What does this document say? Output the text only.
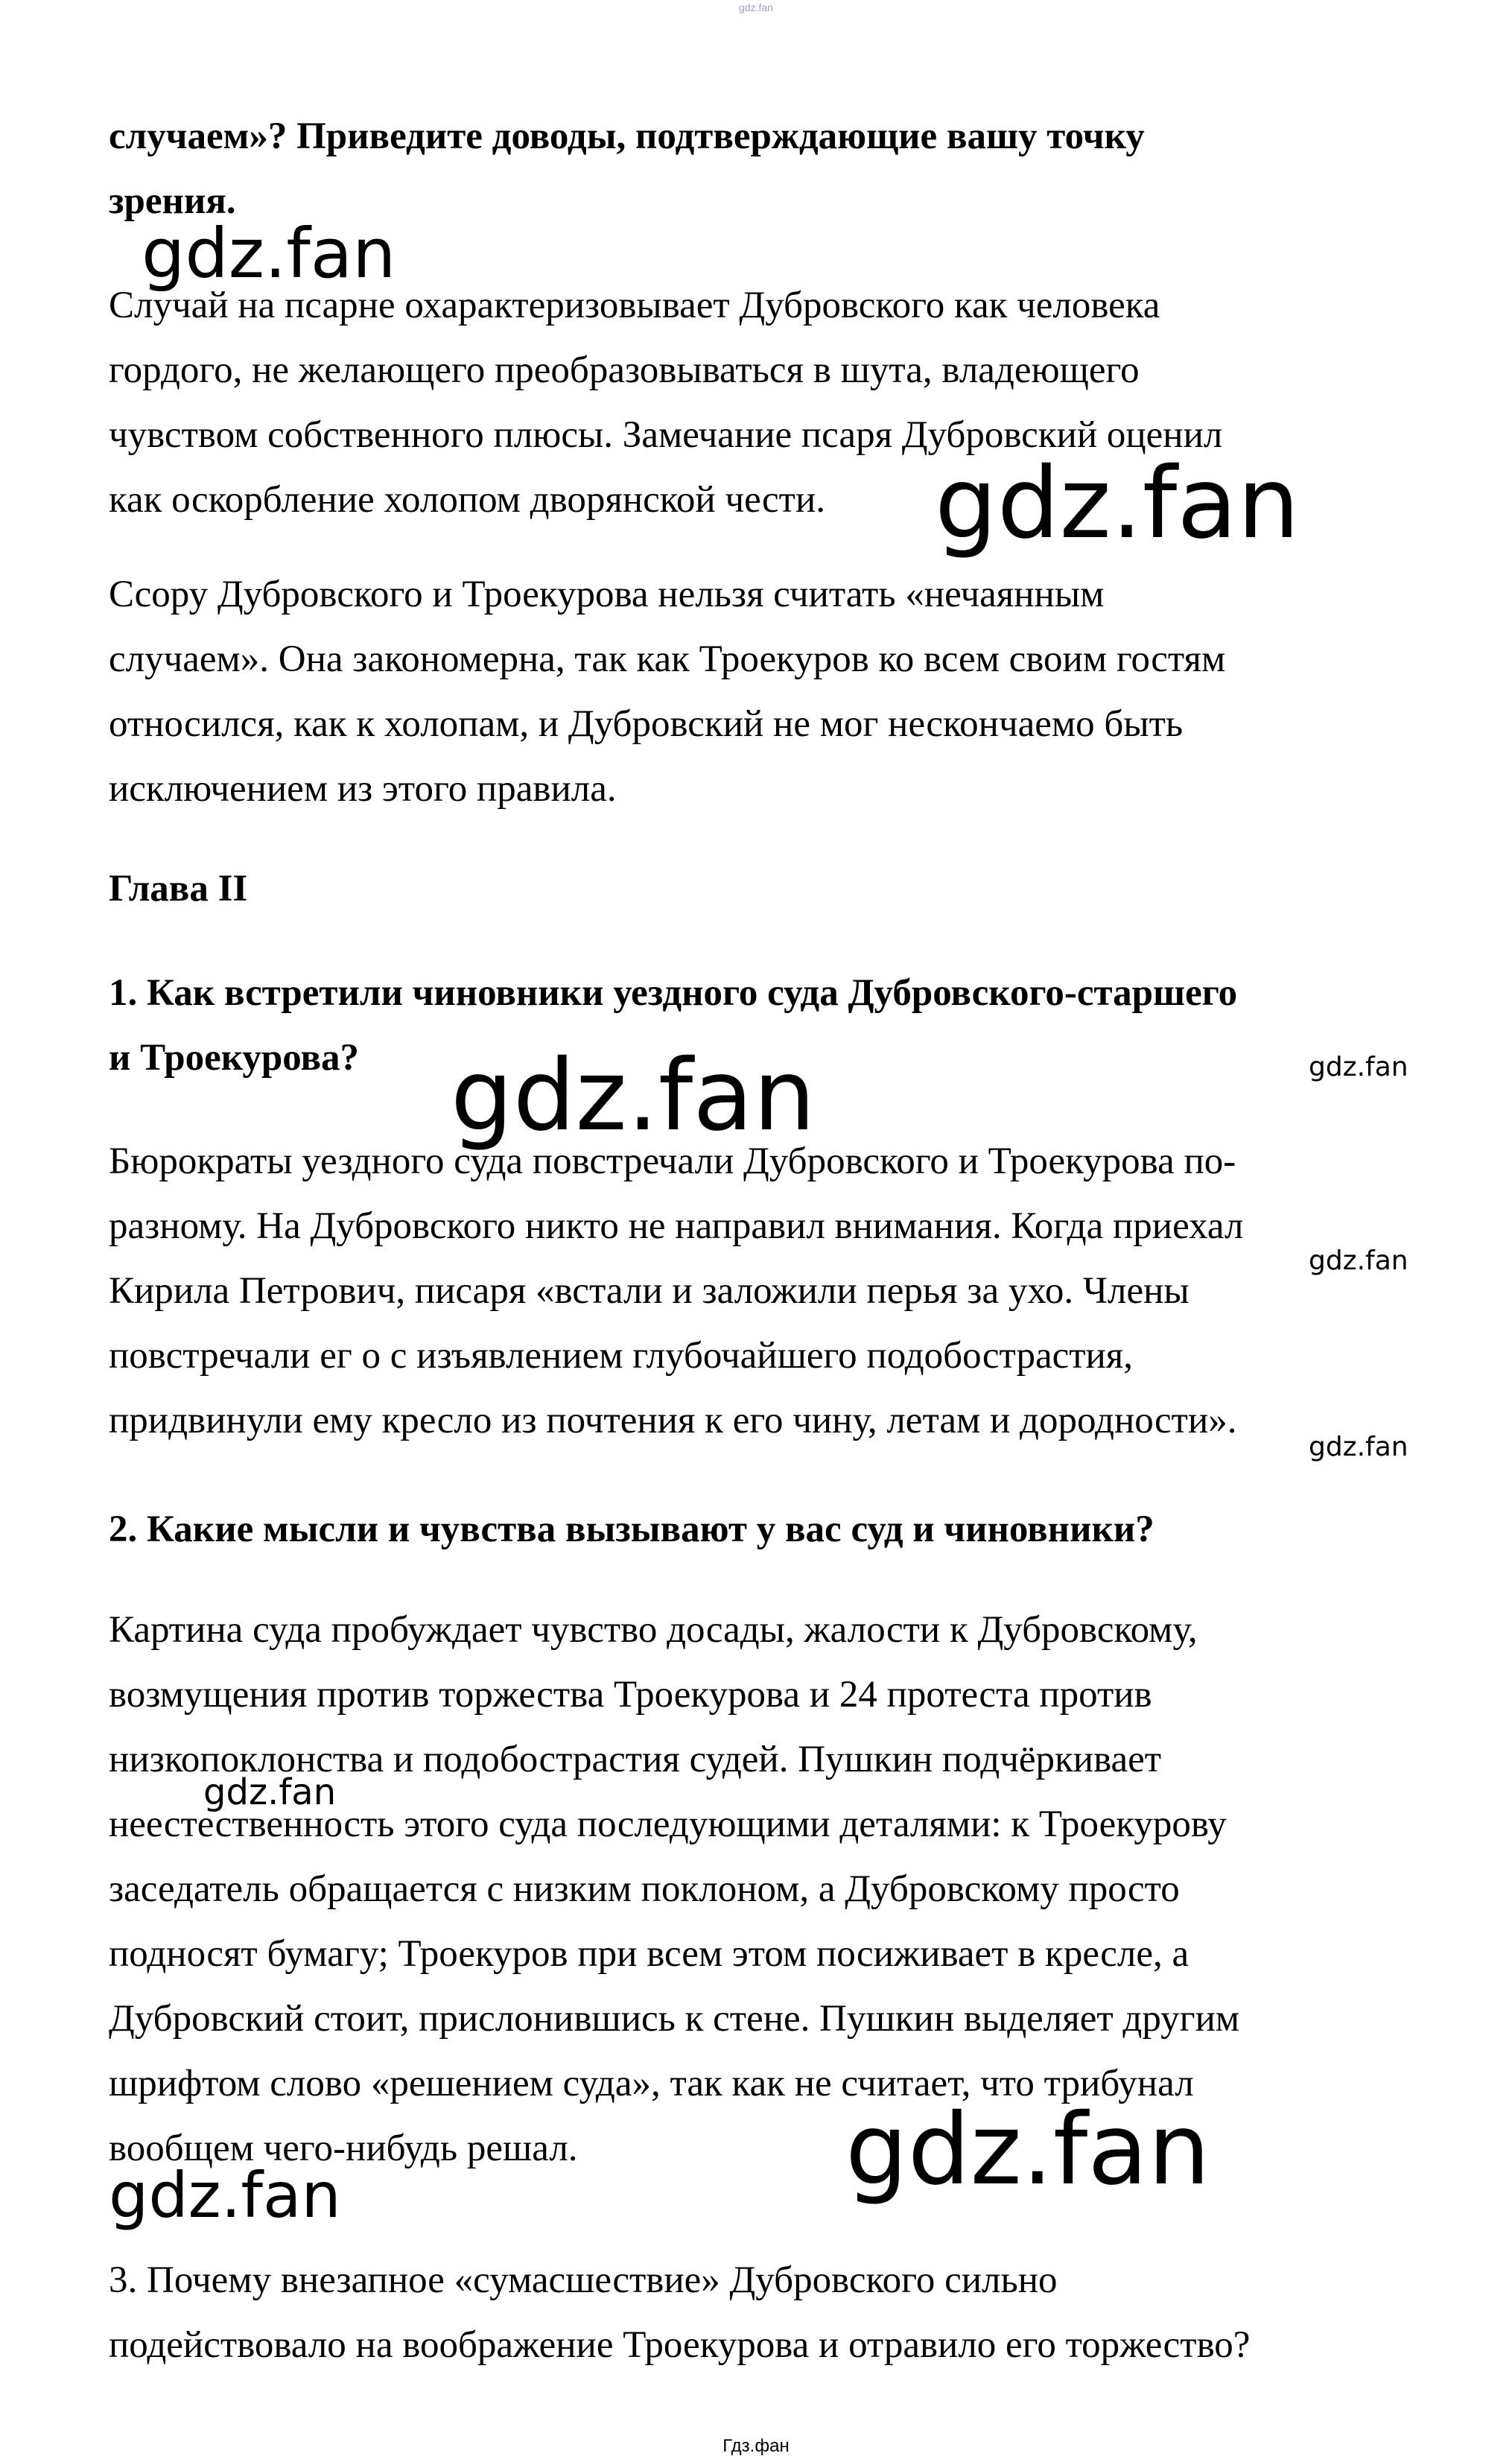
gdz.fan
случаем»? Приведите доводы, подтверждающие вашу точку
зрения.
Случай на псарне охарактеризовывает Дубровского как человека
гордого, не желающего преобразовываться в шута, владеющего
чувством собственного плюсы. Замечание псаря Дубровский оценил
как оскорбление холопом дворянской чести.
Ссору Дубровского и Троекурова нельзя считать «нечаянным
случаем». Она закономерна, так как Троекуров ко всем своим гостям
относился, как к холопам, и Дубровский не мог нескончаемо быть
исключением из этого правила.
Глава II
1. Как встретили чиновники уездного суда Дубровского-старшего
и Троекурова?
Бюрократы уездного суда повстречали Дубровского и Троекурова по-
разному. На Дубровского никто не направил внимания. Когда приехал
Кирила Петрович, писаря «встали и заложили перья за ухо. Члены
повстречали ег о с изъявлением глубочайшего подобострастия,
придвинули ему кресло из почтения к его чину, летам и дородности».
2. Какие мысли и чувства вызывают у вас суд и чиновники?
Картина суда пробуждает чувство досады, жалости к Дубровскому,
возмущения против торжества Троекурова и 24 протеста против
низкопоклонства и подобострастия судей. Пушкин подчёркивает
неестественность этого суда последующими деталями: к Троекурову
заседатель обращается с низким поклоном, а Дубровскому просто
подносят бумагу; Троекуров при всем этом посиживает в кресле, а
Дубровский стоит, прислонившись к стене. Пушкин выделяет другим
шрифтом слово «решением суда», так как не считает, что трибунал
вообщем чего-нибудь решал.
3. Почему внезапное «сумасшествие» Дубровского сильно
подействовало на воображение Троекурова и отравило его торжество?
gdz.fan
gdz.fan
gdz.fan	gdz.fan
gdz.fan
gdz.fan
gdz.fan
gdz.fan
gdz.fan
Гдз.фан
